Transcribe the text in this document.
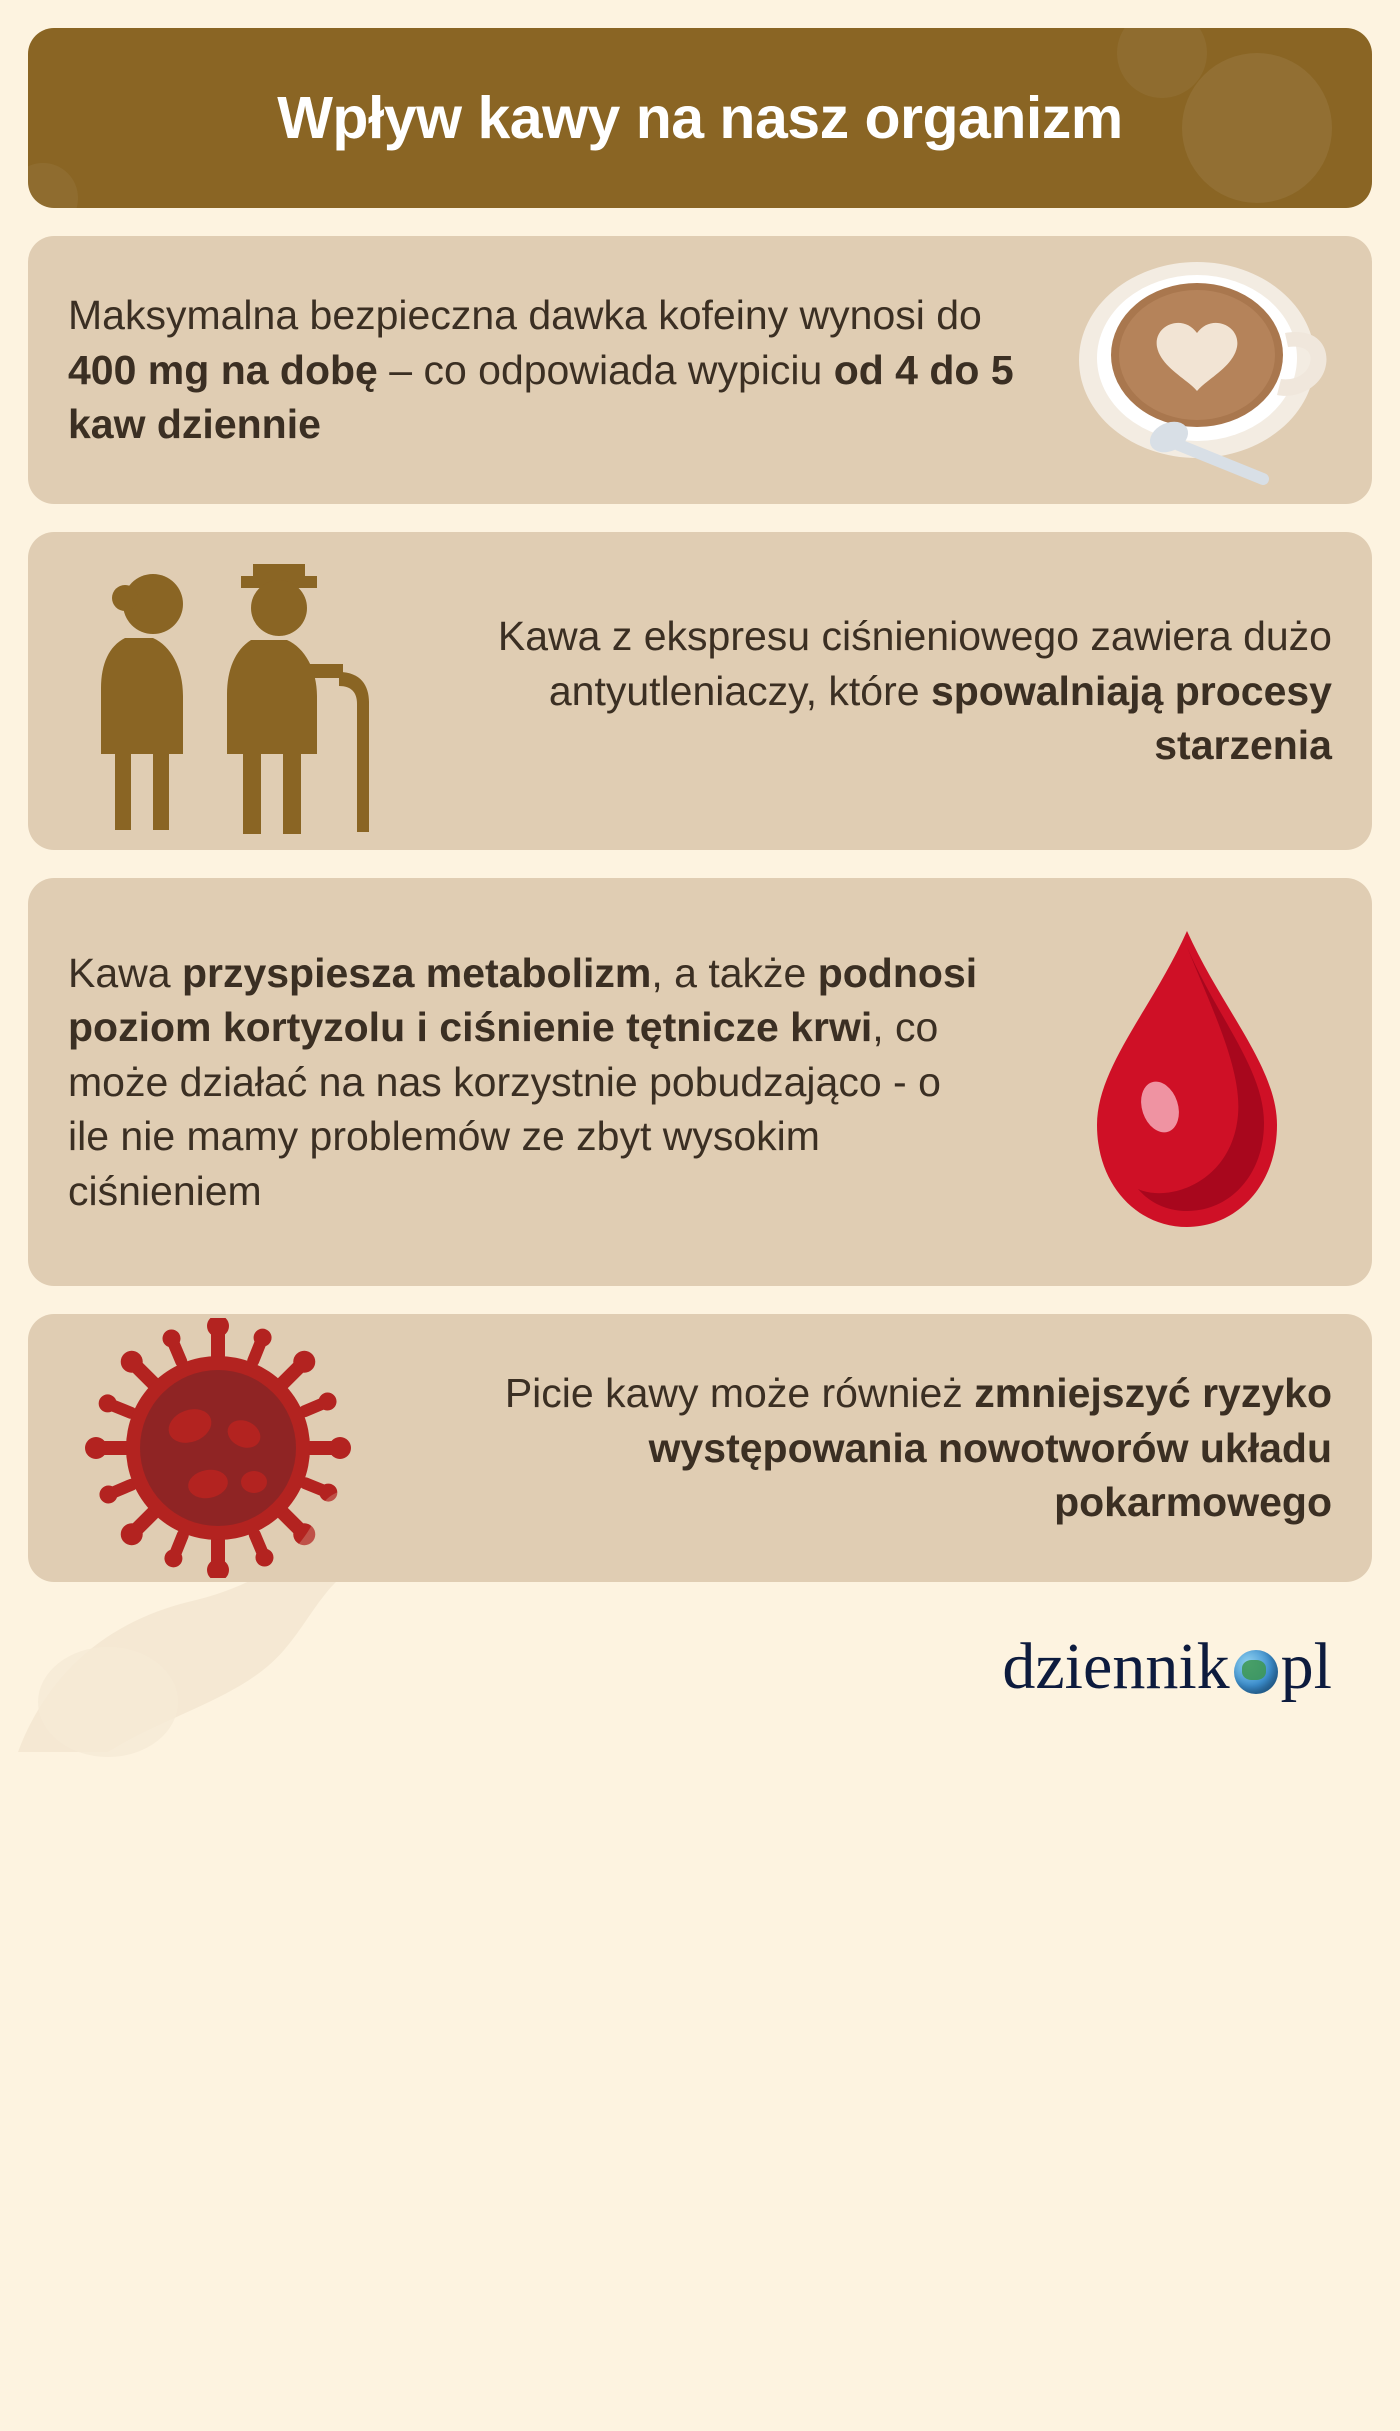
Wpływ kawy na nasz organizm
Maksymalna bezpieczna dawka kofeiny wynosi do 400 mg na dobę – co odpowiada wypiciu od 4 do 5 kaw dziennie
Kawa z ekspresu ciśnieniowego zawiera dużo antyutleniaczy, które spowalniają procesy starzenia
Kawa przyspiesza metabolizm, a także podnosi poziom kortyzolu i ciśnienie tętnicze krwi, co może działać na nas korzystnie pobudzająco - o ile nie mamy problemów ze zbyt wysokim ciśnieniem
Picie kawy może również zmniejszyć ryzyko występowania nowotworów układu pokarmowego
dziennik pl
